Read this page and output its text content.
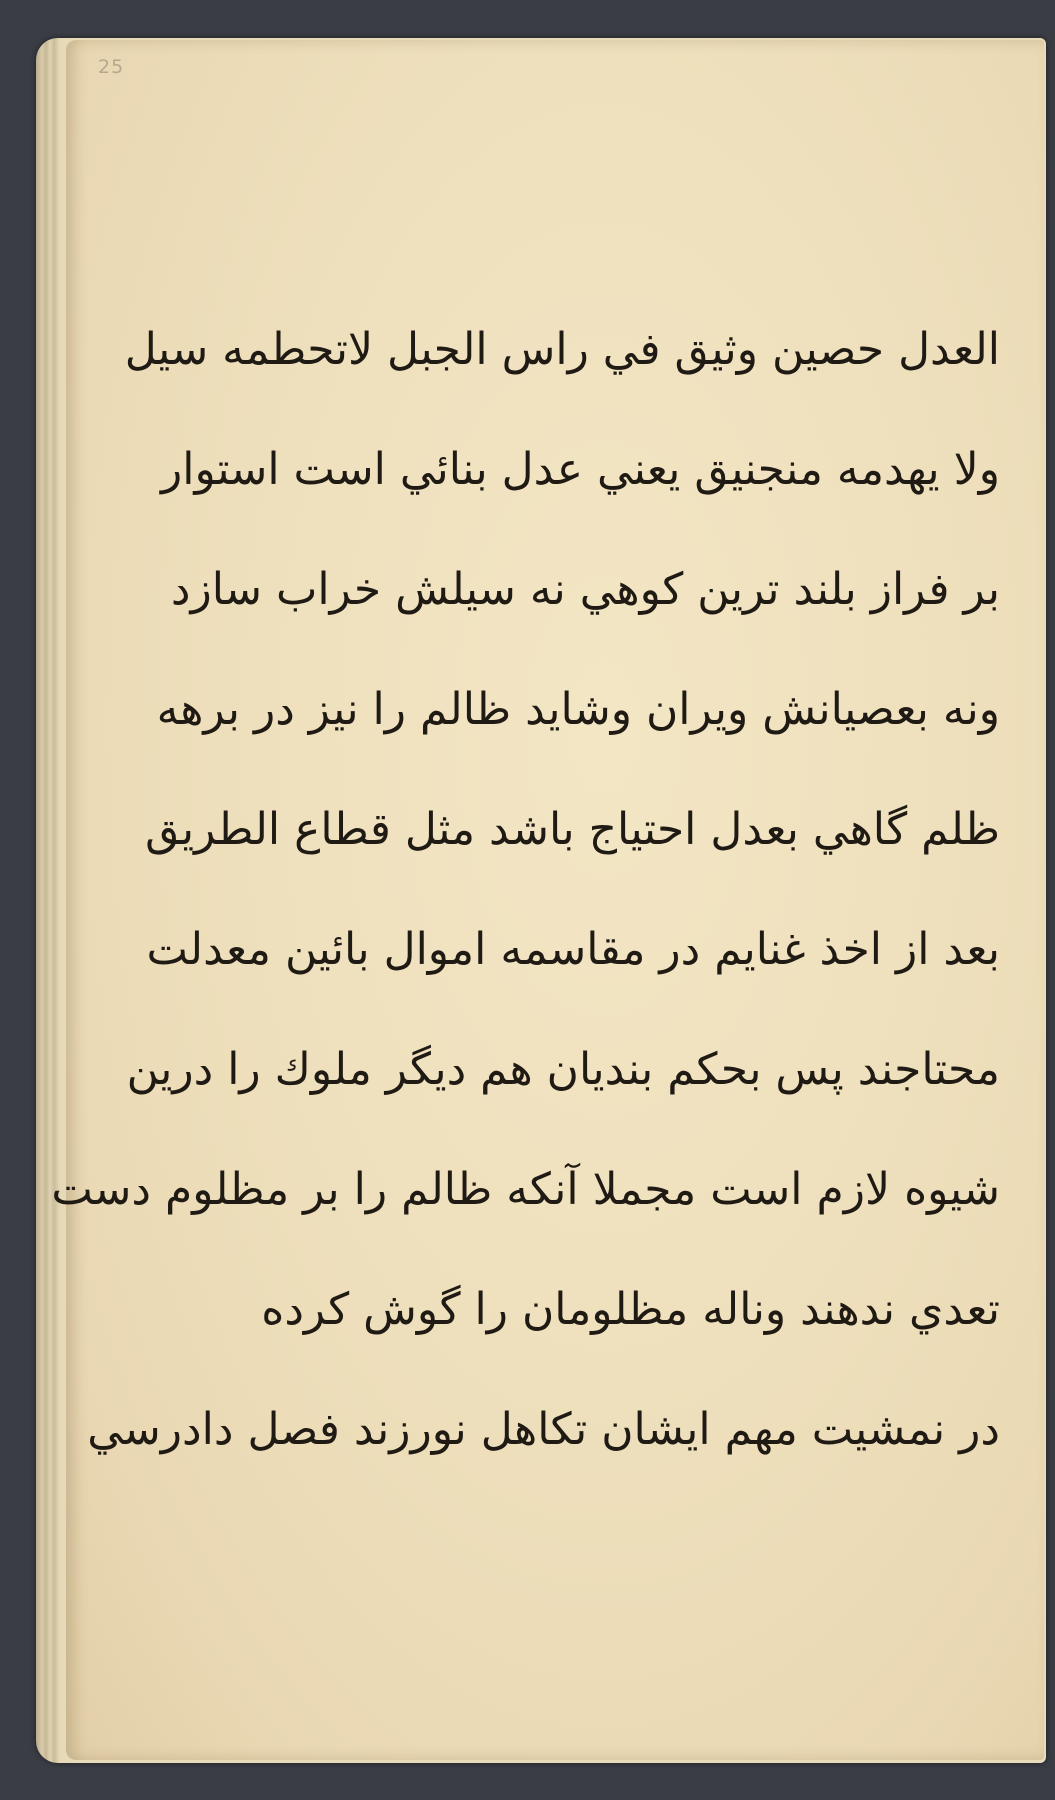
25
العدل حصين وثيق في راس الجبل لاتحطمه سيل
ولا يهدمه منجنيق يعني عدل بنائي است استوار
بر فراز بلند ترين كوهي نه سيلش خراب سازد
ونه بعصيانش ويران وشايد ظالم را نيز در برهه
ظلم گاهي بعدل احتياج باشد مثل قطاع الطريق
بعد از اخذ غنايم در مقاسمه اموال بائين معدلت
محتاجند پس بحكم بنديان هم ديگر ملوك را درين
شيوه لازم است مجملا آنكه ظالم را بر مظلوم دست
تعدي ندهند وناله مظلومان را گوش كرده
در نمشيت مهم ايشان تكاهل نورزند فصل دادرسي
